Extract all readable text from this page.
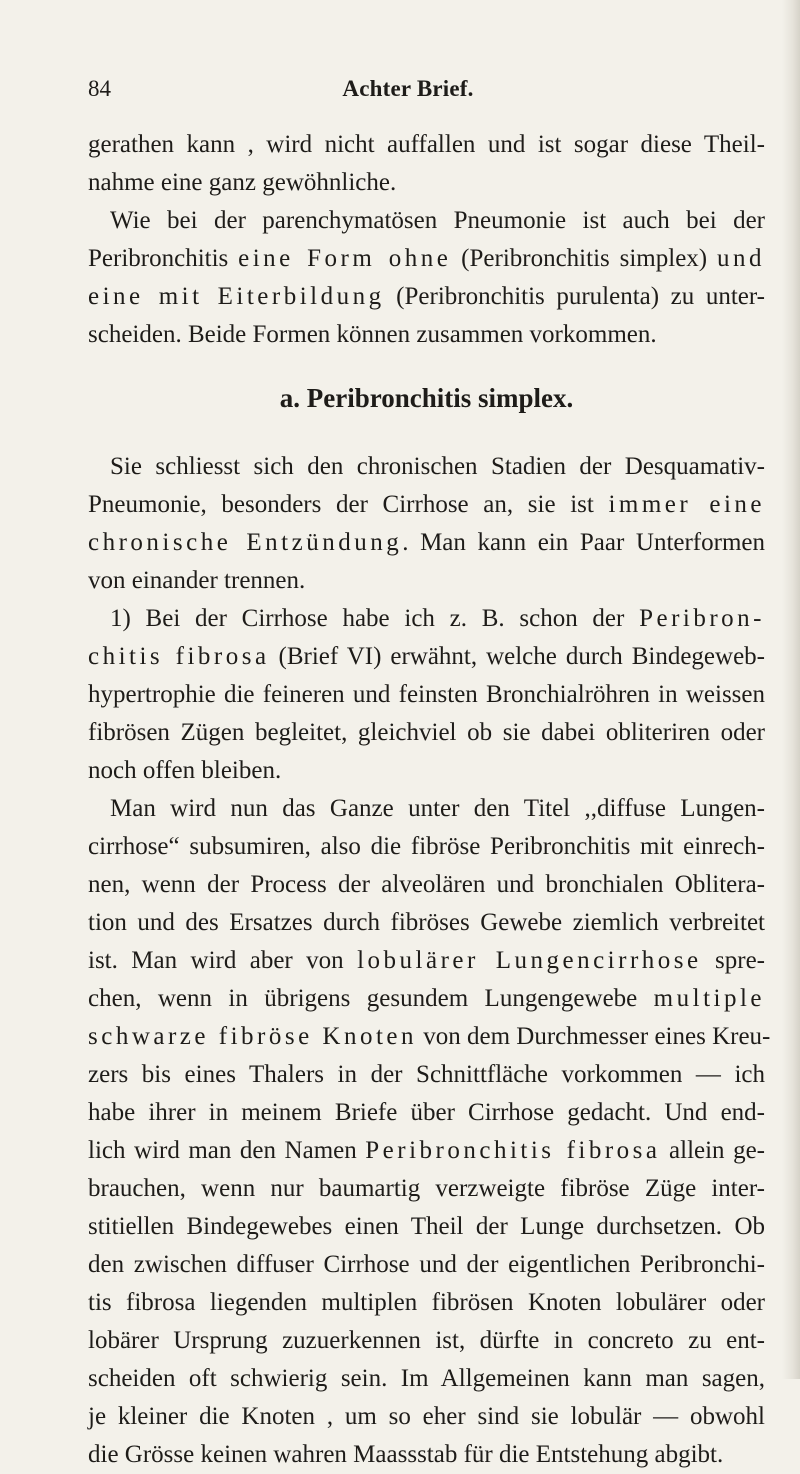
84	Achter Brief.
gerathen kann , wird nicht auffallen und ist sogar diese Theil-
nahme eine ganz gewöhnliche.
Wie bei der parenchymatösen Pneumonie ist auch bei der
Peribronchitis eine Form ohne (Peribronchitis simplex) und
eine mit Eiterbildung (Peribronchitis purulenta) zu unter-
scheiden. Beide Formen können zusammen vorkommen.
a. Peribronchitis simplex.
Sie schliesst sich den chronischen Stadien der Desquamativ-
Pneumonie, besonders der Cirrhose an, sie ist immer eine
chronische Entzündung. Man kann ein Paar Unterformen
von einander trennen.
1) Bei der Cirrhose habe ich z. B. schon der Peribron-
chitis fibrosa (Brief VI) erwähnt, welche durch Bindegeweb-
hypertrophie die feineren und feinsten Bronchialröhren in weissen
fibrösen Zügen begleitet, gleichviel ob sie dabei obliteriren oder
noch offen bleiben.
Man wird nun das Ganze unter den Titel ,,diffuse Lungen-
cirrhose“ subsumiren, also die fibröse Peribronchitis mit einrech-
nen, wenn der Process der alveolären und bronchialen Oblitera-
tion und des Ersatzes durch fibröses Gewebe ziemlich verbreitet
ist. Man wird aber von lobulärer Lungencirrhose spre-
chen, wenn in übrigens gesundem Lungengewebe multiple
schwarze fibröse Knoten von dem Durchmesser eines Kreu-
zers bis eines Thalers in der Schnittfläche vorkommen — ich
habe ihrer in meinem Briefe über Cirrhose gedacht. Und end-
lich wird man den Namen Peribronchitis fibrosa allein ge-
brauchen, wenn nur baumartig verzweigte fibröse Züge inter-
stitiellen Bindegewebes einen Theil der Lunge durchsetzen. Ob
den zwischen diffuser Cirrhose und der eigentlichen Peribronchi-
tis fibrosa liegenden multiplen fibrösen Knoten lobulärer oder
lobärer Ursprung zuzuerkennen ist, dürfte in concreto zu ent-
scheiden oft schwierig sein. Im Allgemeinen kann man sagen,
je kleiner die Knoten , um so eher sind sie lobulär — obwohl
die Grösse keinen wahren Maassstab für die Entstehung abgibt.
